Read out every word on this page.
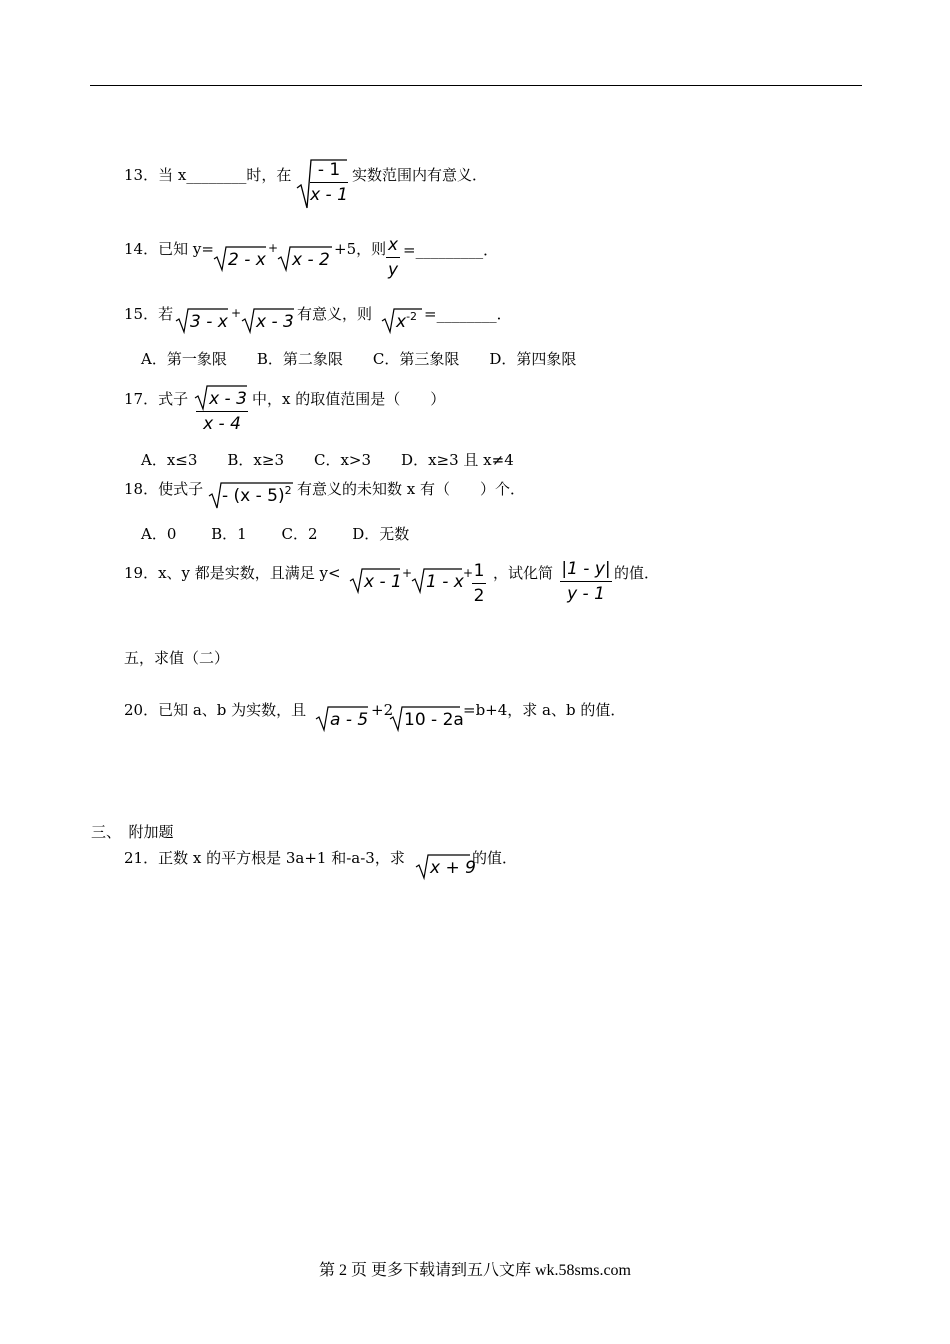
13．当 x________时，在	- 1
x - 1
实数范围内有意义．
14．已知 y=
2 - x
+
x - 2
+5，则 x
y
=_________．
15．若 3 - x + x - 3 有意义，则 $x^{-2}$ =________．
A．第一象限　　B．第二象限　　C．第三象限　　D．第四象限
17．式子	x - 3
x - 4
中，x 的取值范围是（　　）
A．x≤3　　B．x≥3　　C．x>3　　D．x≥3 且 x≠4
18．使式子 - (x - 5)$^2$ 有意义的未知数 x 有（　　）个．
A．0　　 B．1　　 C．2　　 D．无数
19．x、y 都是实数，且满足 y< x - 1 + 1 - x + 1
2
，试化简 |1 - y|
y - 1
的值．
五，求值（二）
20．已知 a、b 为实数，且 a - 5 +2 10 - 2a =b+4，求 a、b 的值．
三、　附加题
21．正数 x 的平方根是 3a+1 和-a-3，求 x + 9
的值．
第 2 页 更多下载请到五八文库 wk.58sms.com
